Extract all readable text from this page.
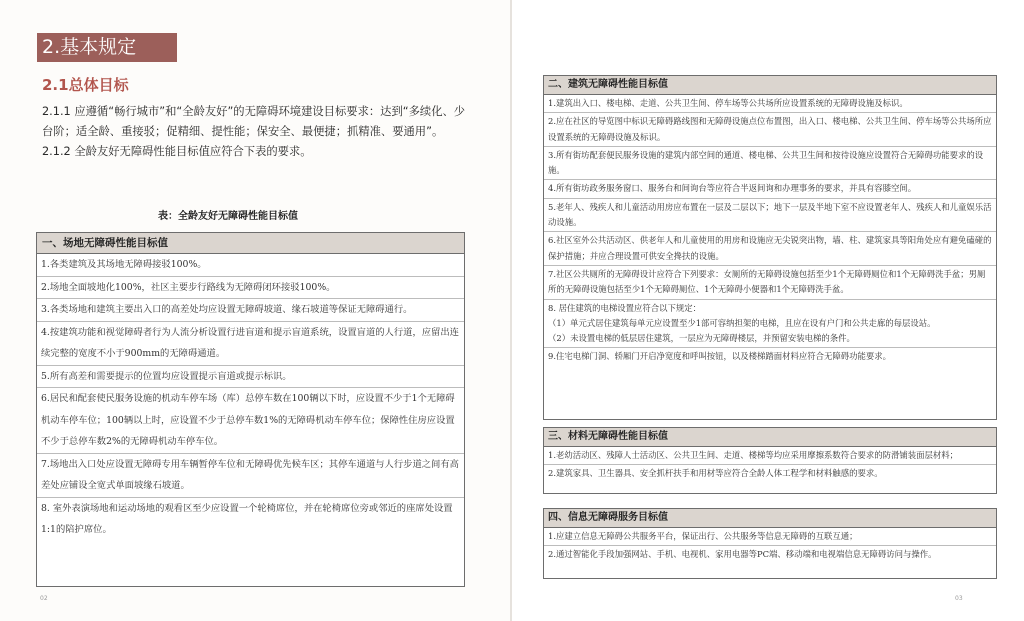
2.基本规定
2.1总体目标

2.1.1 应遵循“畅行城市”和“全龄友好”的无障碍环境建设目标要求：达到“多续化、少台阶；适全龄、重接驳；促精细、提性能；保安全、最便捷；抓精准、要通用”。

2.1.2 全龄友好无障碍性能目标值应符合下表的要求。

表：全龄友好无障碍性能目标值
一、场地无障碍性能目标值
1.各类建筑及其场地无障碍接驳100%。
2.场地全面坡地化100%，社区主要步行路线为无障碍闭环接驳100%。
3.各类场地和建筑主要出入口的高差处均应设置无障碍坡道、缘石坡道等保证无障碍通行。
4.按建筑功能和视觉障碍者行为人流分析设置行进盲道和提示盲道系统，设置盲道的人行道，应留出连续完整的宽度不小于900mm的无障碍通道。
5.所有高差和需要提示的位置均应设置提示盲道或提示标识。
6.居民和配套使民服务设施的机动车停车场（库）总停车数在100辆以下时，应设置不少于1个无障碍机动车停车位；100辆以上时，应设置不少于总停车数1%的无障碍机动车停车位；保障性住房应设置不少于总停车数2%的无障碍机动车停车位。
7.场地出入口处应设置无障碍专用车辆暂停车位和无障碍优先候车区；其停车通道与人行步道之间有高差处应铺设全宽式单面坡缘石坡道。
8. 室外表演场地和运动场地的观看区至少应设置一个轮椅席位，并在轮椅席位旁或邻近的座席处设置1:1的陪护席位。
02
二、建筑无障碍性能目标值
1.建筑出入口、楼电梯、走道、公共卫生间、停车场等公共场所应设置系统的无障碍设施及标识。
2.应在社区的导览图中标识无障碍路线图和无障碍设施点位布置图，出入口、楼电梯、公共卫生间、停车场等公共场所应设置系统的无障碍设施及标识。
3.所有街坊配套便民服务设施的建筑内部空间的通道、楼电梯、公共卫生间和按待设施应设置符合无障碍功能要求的设施。
4.所有街坊政务服务窗口、服务台和间询台等应符合半返间询和办理事务的要求，并具有容膝空间。
5.老年人、残疾人和儿童活动用房应布置在一层及二层以下；地下一层及半地下室不应设置老年人、残疾人和儿童娱乐活动设施。
6.社区室外公共活动区、供老年人和儿童使用的用房和设施应无尖锐突出物，墙、柱、建筑家具等阳角处应有避免磕碰的保护措施；并应合理设置可供安全搀扶的设施。
7.社区公共厕所的无障碍设计应符合下列要求：女厕所的无障碍设施包括至少1个无障碍厕位和1个无障碍洗手盆；男厕所的无障碍设施包括至少1个无障碍厕位、1个无障碍小便器和1个无障碍洗手盆。
8. 居住建筑的电梯设置应符合以下规定：
（1）单元式居住建筑每单元应设置至少1部可容纳担架的电梯，且应在设有户门和公共走廊的每层设站。
（2）未设置电梯的低层居住建筑，一层应为无障碍楼层，并预留安装电梯的条件。
9.住宅电梯门洞、轿厢门开启净宽度和呼叫按钮，以及楼梯踏面材料应符合无障碍功能要求。
三、材料无障碍性能目标值
1.老幼活动区、残障人士活动区、公共卫生间、走道、楼梯等均应采用摩擦系数符合要求的防滑铺装面层材料；
2.建筑家具、卫生器具、安全抓杆扶手和用材等应符合全龄人体工程学和材料触感的要求。
四、信息无障碍服务目标值
1.应建立信息无障碍公共服务平台，保证出行、公共服务等信息无障碍的互联互通；
2.通过智能化手段加强网站、手机、电视机、家用电器等PC端、移动端和电视端信息无障碍访问与操作。
03
